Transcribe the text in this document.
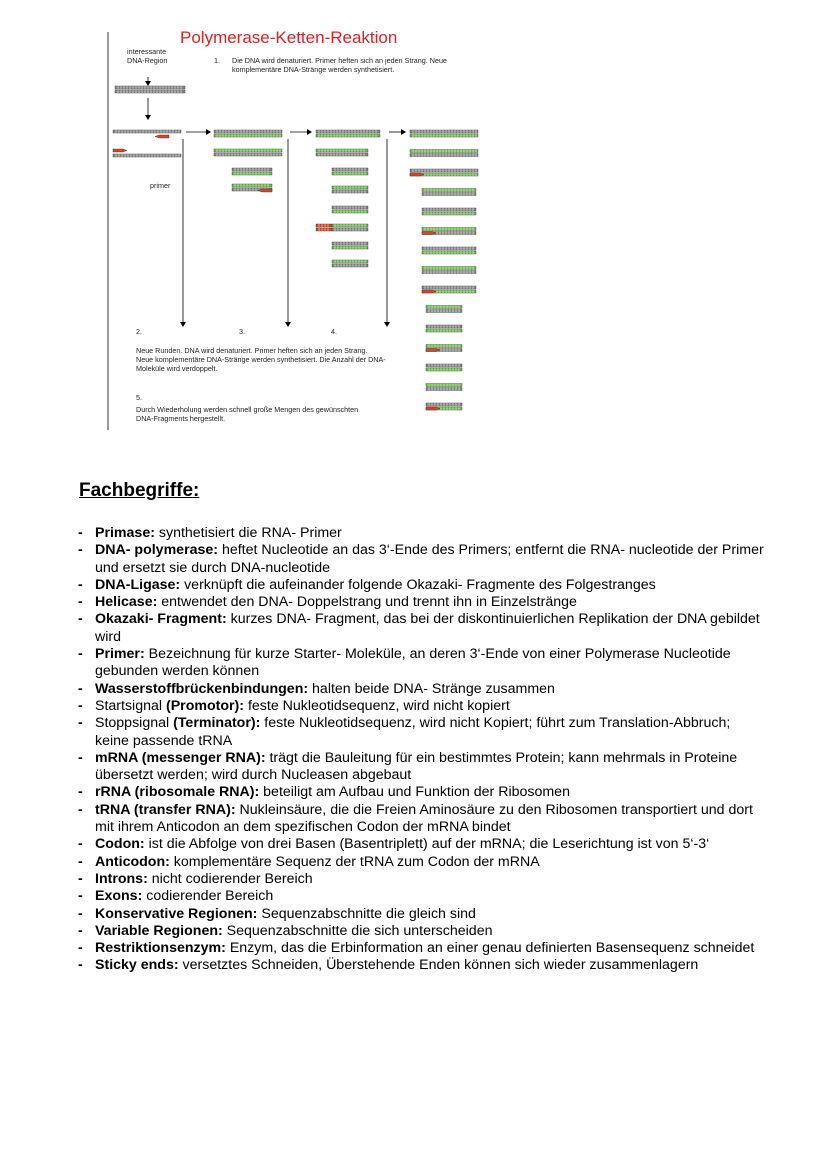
Polymerase-Ketten-Reaktion
interessante DNA-Region	1. Die DNA wird denaturiert. Primer heften sich an jeden Strang. Neue komplementäre DNA-Stränge werden synthetisiert.
primer
2.	3.	4.
Neue Runden. DNA wird denaturiert. Primer heften sich an jeden Strang. Neue komplementäre DNA-Stränge werden synthetisiert. Die Anzahl der DNA-Moleküle wird verdoppelt.
5.
Durch Wiederholung werden schnell große Mengen des gewünschten DNA-Fragments hergestellt.
Fachbegriffe:
- Primase: synthetisiert die RNA- Primer
- DNA- polymerase: heftet Nucleotide an das 3‘-Ende des Primers; entfernt die RNA- nucleotide der Primer und ersetzt sie durch DNA-nucleotide
- DNA-Ligase: verknüpft die aufeinander folgende Okazaki- Fragmente des Folgestranges
- Helicase: entwendet den DNA- Doppelstrang und trennt ihn in Einzelstränge
- Okazaki- Fragment: kurzes DNA- Fragment, das bei der diskontinuierlichen Replikation der DNA gebildet wird
- Primer: Bezeichnung für kurze Starter- Moleküle, an deren 3‘-Ende von einer Polymerase Nucleotide gebunden werden können
- Wasserstoffbrückenbindungen: halten beide DNA- Stränge zusammen
- Startsignal (Promotor): feste Nukleotidsequenz, wird nicht kopiert
- Stoppsignal (Terminator): feste Nukleotidsequenz, wird nicht Kopiert; führt zum Translation-Abbruch; keine passende tRNA
- mRNA (messenger RNA): trägt die Bauleitung für ein bestimmtes Protein; kann mehrmals in Proteine übersetzt werden; wird durch Nucleasen abgebaut
- rRNA (ribosomale RNA): beteiligt am Aufbau und Funktion der Ribosomen
- tRNA (transfer RNA): Nukleinsäure, die die Freien Aminosäure zu den Ribosomen transportiert und dort mit ihrem Anticodon an dem spezifischen Codon der mRNA bindet
- Codon: ist die Abfolge von drei Basen (Basentriplett) auf der mRNA; die Leserichtung ist von 5‘-3‘
- Anticodon: komplementäre Sequenz der tRNA zum Codon der mRNA
- Introns: nicht codierender Bereich
- Exons: codierender Bereich
- Konservative Regionen: Sequenzabschnitte die gleich sind
- Variable Regionen: Sequenzabschnitte die sich unterscheiden
- Restriktionsenzym: Enzym, das die Erbinformation an einer genau definierten Basensequenz schneidet
- Sticky ends: versetztes Schneiden, Überstehende Enden können sich wieder zusammenlagern
